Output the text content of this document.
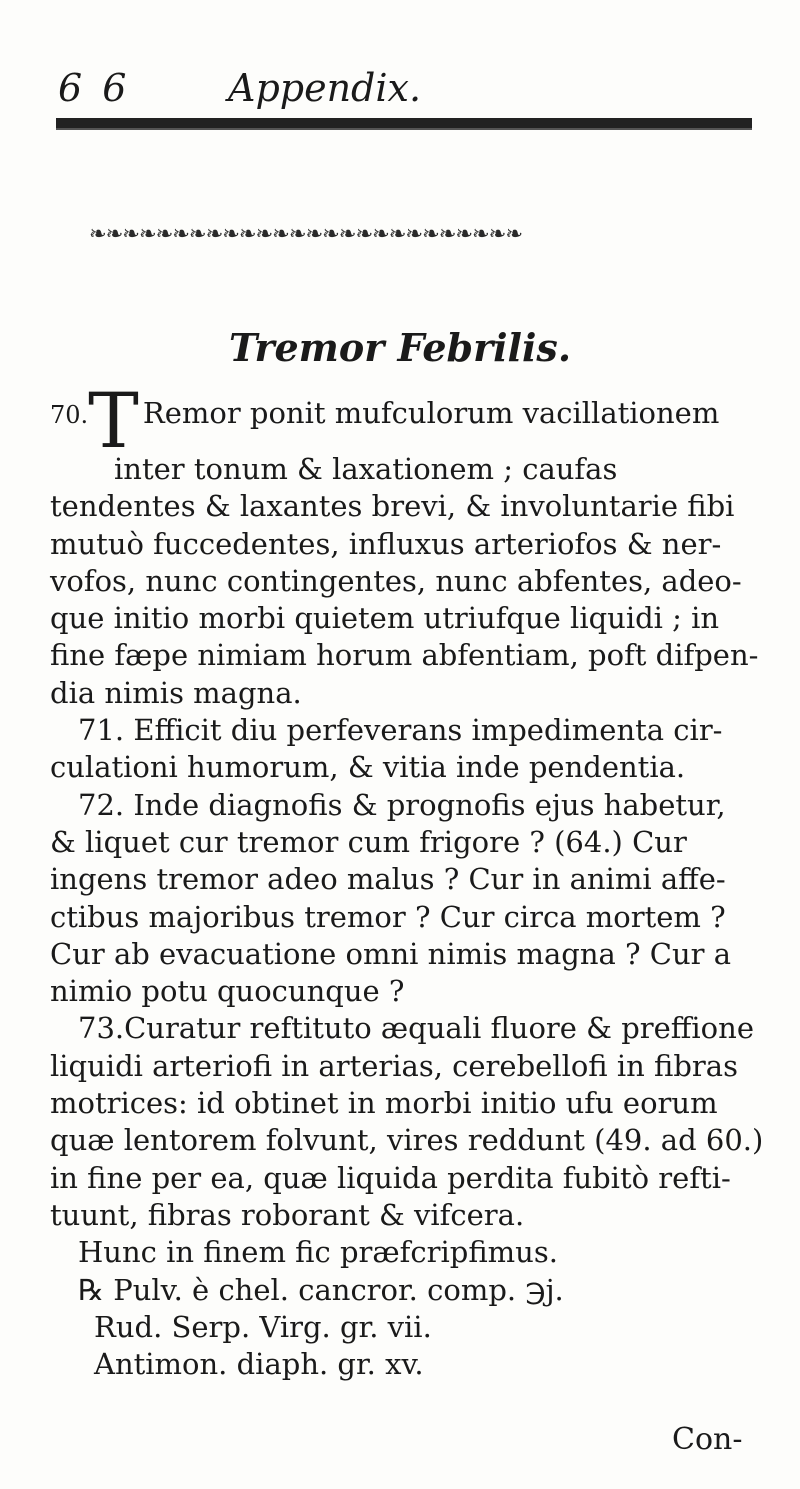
6 6	Appendix.
❧❧❧❧❧❧❧❧❧❧❧❧❧❧❧❧❧❧❧❧❧❧❧❧❧❧
Tremor Febrilis.
70.T Remor ponit mufculorum vacillationem
inter tonum & laxationem ; caufas
tendentes & laxantes brevi, & involuntarie fibi
mutuò fuccedentes, influxus arteriofos & ner-
vofos, nunc contingentes, nunc abfentes, adeo-
que initio morbi quietem utriufque liquidi ; in
fine fæpe nimiam horum abfentiam, poft difpen-
dia nimis magna.
71. Efficit diu perfeverans impedimenta cir-
culationi humorum, & vitia inde pendentia.
72. Inde diagnofis & prognofis ejus habetur,
& liquet cur tremor cum frigore ? (64.) Cur
ingens tremor adeo malus ? Cur in animi affe-
ctibus majoribus tremor ? Cur circa mortem ?
Cur ab evacuatione omni nimis magna ? Cur a
nimio potu quocunque ?
73.Curatur reftituto æquali fluore & preffione
liquidi arteriofi in arterias, cerebellofi in fibras
motrices: id obtinet in morbi initio ufu eorum
quæ lentorem folvunt, vires reddunt (49. ad 60.)
in fine per ea, quæ liquida perdita fubitò refti-
tuunt, fibras roborant & vifcera.
Hunc in finem fic præfcripfimus.
℞ Pulv. è chel. cancror. comp. ℈j.
Rud. Serp. Virg. gr. vii.
Antimon. diaph. gr. xv.
Con-
